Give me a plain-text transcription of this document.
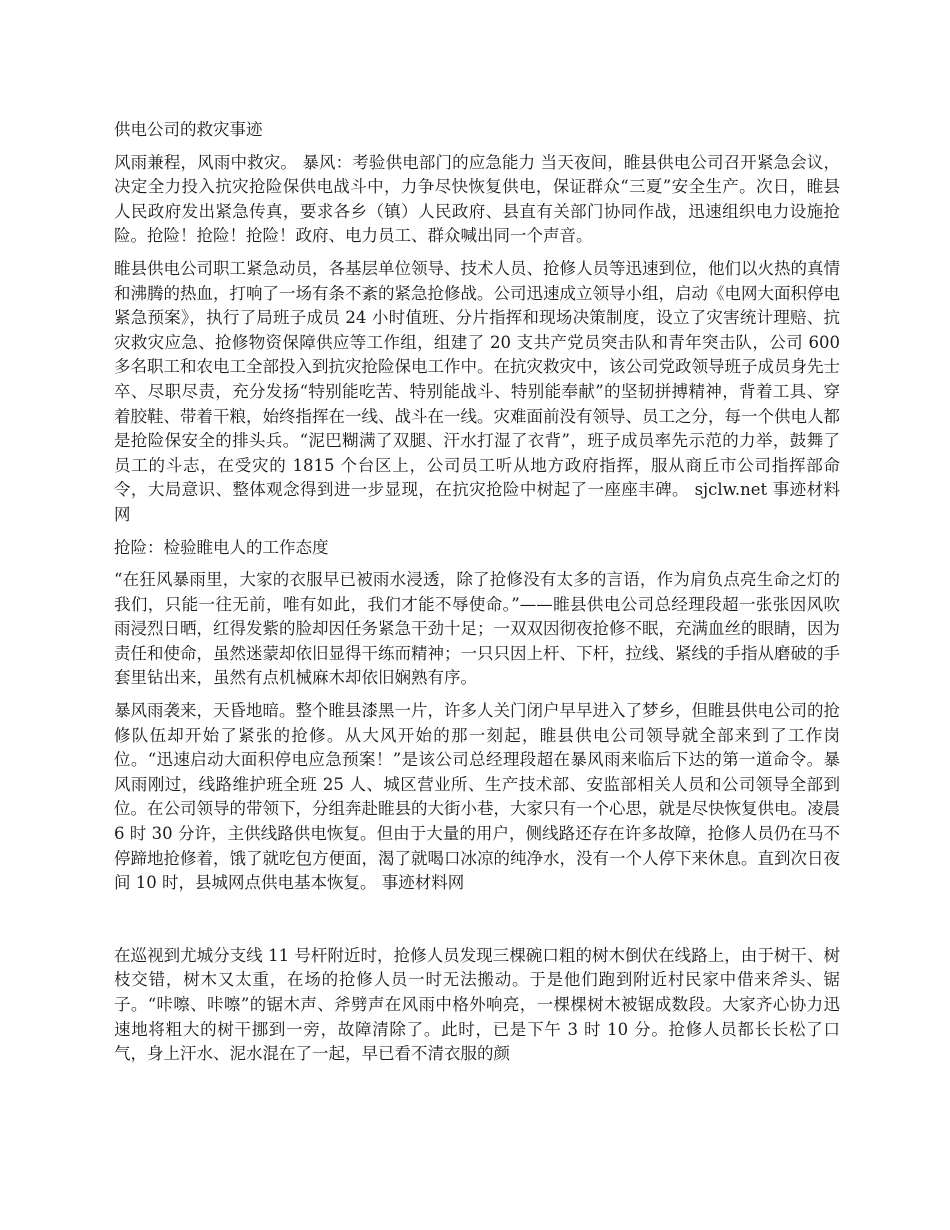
供电公司的救灾事迹

风雨兼程，风雨中救灾。 暴风：考验供电部门的应急能力 当天夜间，睢县供电公司召开紧急会议，决定全力投入抗灾抢险保供电战斗中，力争尽快恢复供电，保证群众“三夏”安全生产。次日，睢县人民政府发出紧急传真，要求各乡（镇）人民政府、县直有关部门协同作战，迅速组织电力设施抢险。抢险！抢险！抢险！政府、电力员工、群众喊出同一个声音。

睢县供电公司职工紧急动员，各基层单位领导、技术人员、抢修人员等迅速到位，他们以火热的真情和沸腾的热血，打响了一场有条不紊的紧急抢修战。公司迅速成立领导小组，启动《电网大面积停电紧急预案》，执行了局班子成员 24 小时值班、分片指挥和现场决策制度，设立了灾害统计理赔、抗灾救灾应急、抢修物资保障供应等工作组，组建了 20 支共产党员突击队和青年突击队，公司 600 多名职工和农电工全部投入到抗灾抢险保电工作中。在抗灾救灾中，该公司党政领导班子成员身先士卒、尽职尽责，充分发扬“特别能吃苦、特别能战斗、特别能奉献”的坚韧拼搏精神，背着工具、穿着胶鞋、带着干粮，始终指挥在一线、战斗在一线。灾难面前没有领导、员工之分，每一个供电人都是抢险保安全的排头兵。“泥巴糊满了双腿、汗水打湿了衣背”，班子成员率先示范的力举，鼓舞了员工的斗志，在受灾的 1815 个台区上，公司员工听从地方政府指挥，服从商丘市公司指挥部命令，大局意识、整体观念得到进一步显现，在抗灾抢险中树起了一座座丰碑。 sjclw.net 事迹材料网

抢险：检验睢电人的工作态度

“在狂风暴雨里，大家的衣服早已被雨水浸透，除了抢修没有太多的言语，作为肩负点亮生命之灯的我们，只能一往无前，唯有如此，我们才能不辱使命。”——睢县供电公司总经理段超一张张因风吹雨浸烈日晒，红得发紫的脸却因任务紧急干劲十足；一双双因彻夜抢修不眠，充满血丝的眼睛，因为责任和使命，虽然迷蒙却依旧显得干练而精神；一只只因上杆、下杆，拉线、紧线的手指从磨破的手套里钻出来，虽然有点机械麻木却依旧娴熟有序。

暴风雨袭来，天昏地暗。整个睢县漆黑一片，许多人关门闭户早早进入了梦乡，但睢县供电公司的抢修队伍却开始了紧张的抢修。从大风开始的那一刻起，睢县供电公司领导就全部来到了工作岗位。“迅速启动大面积停电应急预案！”是该公司总经理段超在暴风雨来临后下达的第一道命令。暴风雨刚过，线路维护班全班 25 人、城区营业所、生产技术部、安监部相关人员和公司领导全部到位。在公司领导的带领下，分组奔赴睢县的大街小巷，大家只有一个心思，就是尽快恢复供电。凌晨 6 时 30 分许，主供线路供电恢复。但由于大量的用户，侧线路还存在许多故障，抢修人员仍在马不停蹄地抢修着，饿了就吃包方便面，渴了就喝口冰凉的纯净水，没有一个人停下来休息。直到次日夜间 10 时，县城网点供电基本恢复。 事迹材料网

在巡视到尤城分支线 11 号杆附近时，抢修人员发现三棵碗口粗的树木倒伏在线路上，由于树干、树枝交错，树木又太重，在场的抢修人员一时无法搬动。于是他们跑到附近村民家中借来斧头、锯子。“咔嚓、咔嚓”的锯木声、斧劈声在风雨中格外响亮，一棵棵树木被锯成数段。大家齐心协力迅速地将粗大的树干挪到一旁，故障清除了。此时，已是下午 3 时 10 分。抢修人员都长长松了口气，身上汗水、泥水混在了一起，早已看不清衣服的颜
